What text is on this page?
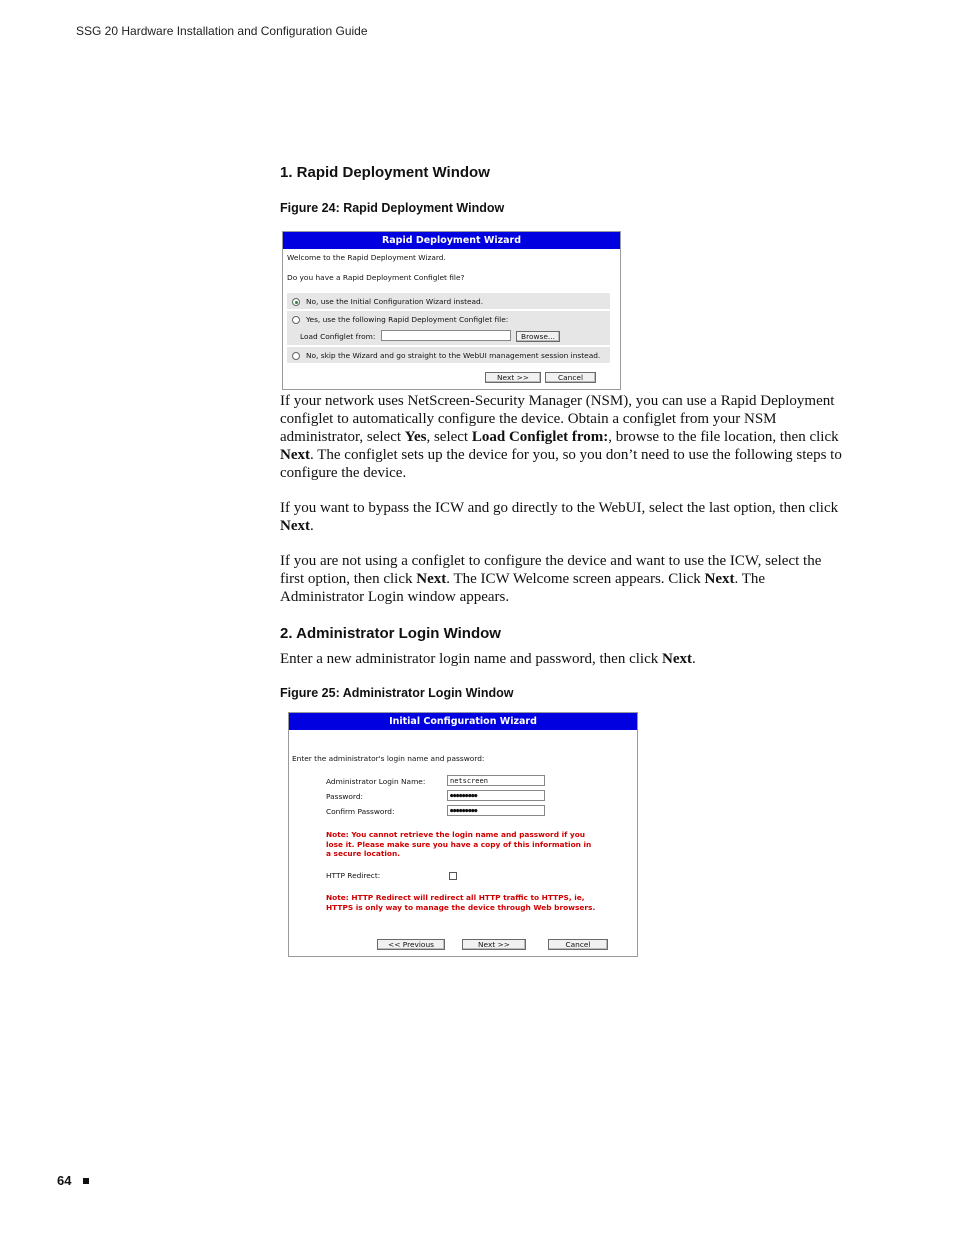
SSG 20 Hardware Installation and Configuration Guide
1. Rapid Deployment Window
Figure 24: Rapid Deployment Window
Rapid Deployment Wizard
Welcome to the Rapid Deployment Wizard.
Do you have a Rapid Deployment Configlet file?
No, use the Initial Configuration Wizard instead.
Yes, use the following Rapid Deployment Configlet file:
Load Configlet from:	Browse...
No, skip the Wizard and go straight to the WebUI management session instead.
Next >>	Cancel
If your network uses NetScreen-Security Manager (NSM), you can use a Rapid Deployment configlet to automatically configure the device. Obtain a configlet from your NSM administrator, select Yes, select Load Configlet from:, browse to the file location, then click Next. The configlet sets up the device for you, so you don’t need to use the following steps to configure the device.
If you want to bypass the ICW and go directly to the WebUI, select the last option, then click Next.
If you are not using a configlet to configure the device and want to use the ICW, select the first option, then click Next. The ICW Welcome screen appears. Click Next. The Administrator Login window appears.
2. Administrator Login Window
Enter a new administrator login name and password, then click Next.
Figure 25: Administrator Login Window
Initial Configuration Wizard
Enter the administrator's login name and password:
Administrator Login Name:	netscreen
Password:	●●●●●●●●●
Confirm Password:	●●●●●●●●●
Note: You cannot retrieve the login name and password if you
lose it. Please make sure you have a copy of this information in
a secure location.
HTTP Redirect:
Note: HTTP Redirect will redirect all HTTP traffic to HTTPS, ie,
HTTPS is only way to manage the device through Web browsers.
<< Previous	Next >>	Cancel
64
